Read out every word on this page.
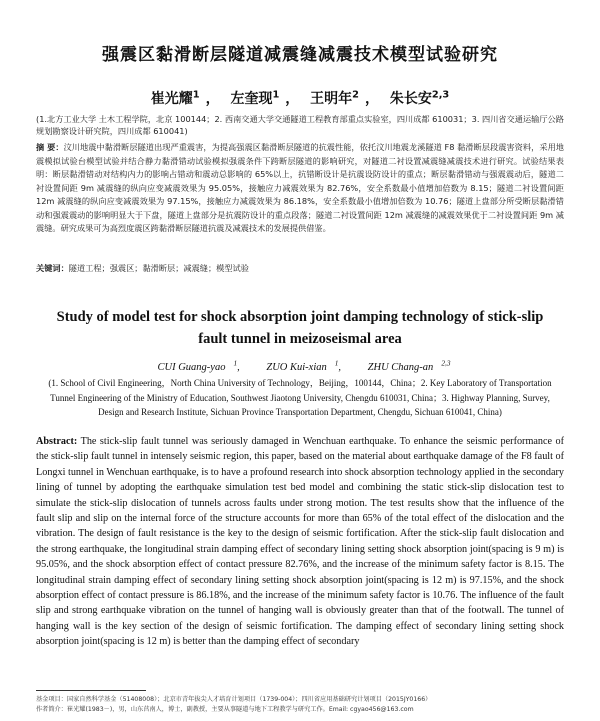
强震区黏滑断层隧道减震缝减震技术模型试验研究
崔光耀$^1$ ， 左奎现$^1$ ， 王明年$^2$ ， 朱长安$^{2,3}$
(1.北方工业大学 土木工程学院，北京 100144；2. 西南交通大学交通隧道工程教育部重点实验室，四川成都 610031；3. 四川省交通运输厅公路规划勘察设计研究院，四川成都 610041)
摘 要：汶川地震中黏滑断层隧道出现严重震害，为提高强震区黏滑断层隧道的抗震性能，依托汶川地震龙溪隧道 F8 黏滑断层段震害资料，采用地震模拟试验台模型试验并结合静力黏滑错动试验模拟强震条件下跨断层隧道的影响研究，对隧道二衬设置减震缝减震技术进行研究。试验结果表明：断层黏滑错动对结构内力的影响占错动和震动总影响的 65%以上，抗错断设计是抗震设防设计的重点；断层黏滑错动与强震震动后，隧道二衬设置间距 9m 减震缝的纵向应变减震效果为 95.05%，接触应力减震效果为 82.76%，安全系数最小值增加倍数为 8.15；隧道二衬设置间距 12m 减震缝的纵向应变减震效果为 97.15%，接触应力减震效果为 86.18%，安全系数最小值增加倍数为 10.76；隧道上盘部分所受断层黏滑错动和强震震动的影响明显大于下盘，隧道上盘部分是抗震防设计的重点段落；隧道二衬设置间距 12m 减震缝的减震效果优于二衬设置间距 9m 减震缝。研究成果可为高烈度震区跨黏滑断层隧道抗震及减震技术的发展提供借鉴。
关键词：隧道工程；强震区；黏滑断层；减震缝；模型试验
Study of model test for shock absorption joint damping technology of stick-slip fault tunnel in meizoseismal area
CUI Guang-yao $^1$,	ZUO Kui-xian $^1$,	ZHU Chang-an $^{2,3}$
(1. School of Civil Engineering，North China University of Technology，Beijing，100144，China；2. Key Laboratory of Transportation Tunnel Engineering of the Ministry of Education, Southwest Jiaotong University, Chengdu 610031, China；3. Highway Planning, Survey, Design and Research Institute, Sichuan Province Transportation Department, Chengdu, Sichuan 610041, China)
Abstract: The stick-slip fault tunnel was seriously damaged in Wenchuan earthquake. To enhance the seismic performance of the stick-slip fault tunnel in intensely seismic region, this paper, based on the material about earthquake damage of the F8 fault of Longxi tunnel in Wenchuan earthquake, is to have a profound research into shock absorption technology applied in the secondary lining of tunnel by adopting the earthquake simulation test bed model and combining the static stick-slip dislocation test to simulate the stick-slip dislocation of tunnels across faults under strong motion. The test results show that the influence of the fault slip and slip on the internal force of the structure accounts for more than 65% of the total effect of the dislocation and the vibration. The design of fault resistance is the key to the design of seismic fortification. After the stick-slip fault dislocation and the strong earthquake, the longitudinal strain damping effect of secondary lining setting shock absorption joint(spacing is 9 m) is 95.05%, and the shock absorption effect of contact pressure 82.76%, and the increase of the minimum safety factor is 8.15. The longitudinal strain damping effect of secondary lining setting shock absorption joint(spacing is 12 m) is 97.15%, and the shock absorption effect of contact pressure is 86.18%, and the increase of the minimum safety factor is 10.76. The influence of the fault slip and strong earthquake vibration on the tunnel of hanging wall is obviously greater than that of the footwall. The tunnel of hanging wall is the key section of the design of seismic fortification. The damping effect of secondary lining setting shock absorption joint(spacing is 12 m) is better than the damping effect of secondary
基金项目：国家自然科学基金（51408008）；北京市青年拔尖人才培育计划项目（1739-004）；四川省应用基础研究计划项目（2015JY0166）
作者简介：崔光耀(1983－)，男，山东莒南人，博士，副教授，主要从事隧道与地下工程教学与研究工作。Email: cgyao456@163.com
